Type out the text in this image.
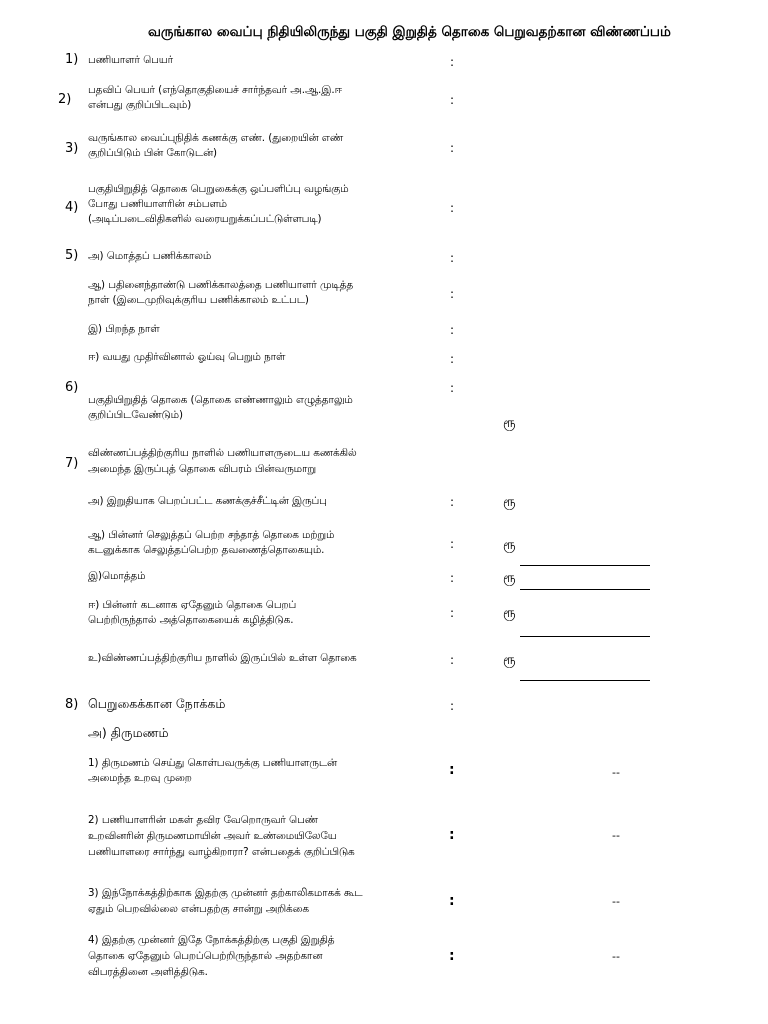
வருங்கால வைப்பு நிதியிலிருந்து பகுதி இறுதித் தொகை பெறுவதற்கான விண்ணப்பம்
1) பணியாளர் பெயர்	:
2)
பதவிப் பெயர் (எந்தொகுதியைச் சார்ந்தவர் அ.ஆ.இ.ஈ
என்பது குறிப்பிடவும்)	:
3)
வருங்கால வைப்புநிதிக் கணக்கு எண். (துறையின் எண்
குறிப்பிடும் பின் கோடுடன்)	:
4)
பகுதியிறுதித் தொகை பெறுகைக்கு ஒப்பளிப்பு வழங்கும்
போது பணியாளரின் சம்பளம்
(அடிப்படைவிதிகளில் வரையறுக்கப்பட்டுள்ளபடி)
:
5) அ) மொத்தப் பணிக்காலம்	:
ஆ) பதினைந்தாண்டு பணிக்காலத்தை பணியாளர் முடித்த
நாள் (இடைமுறிவுக்குரிய பணிக்காலம் உட்பட)	:
இ) பிறந்த நாள்	:
ஈ) வயது முதிர்வினால் ஓய்வு பெறும் நாள்	:
6)	:
பகுதியிறுதித் தொகை (தொகை எண்ணாலும் எழுத்தாலும்
குறிப்பிடவேண்டும்)	ரூ
7)
விண்ணப்பத்திற்குரிய நாளில் பணியாளருடைய கணக்கில்
அமைந்த இருப்புத் தொகை விபரம் பின்வருமாறு
அ) இறுதியாக பெறப்பட்ட கணக்குச்சீட்டின் இருப்பு	:	ரூ
ஆ) பின்னர் செலுத்தப் பெற்ற சந்தாத் தொகை மற்றும்
கடனுக்காக செலுத்தப்பெற்ற தவணைத்தொகையும்.	:	ரூ
இ)மொத்தம்	:	ரூ
ஈ) பின்னர் கடனாக ஏதேனும் தொகை பெறப்
பெற்றிருந்தால் அத்தொகையைக் கழித்திடுக.	:	ரூ
உ)விண்ணப்பத்திற்குரிய நாளில் இருப்பில் உள்ள தொகை	:	ரூ
8) பெறுகைக்கான நோக்கம்	:
அ) திருமணம்
1) திருமணம் செய்து கொள்பவருக்கு பணியாளருடன்
அமைந்த உறவு முறை	:	--
2) பணியாளரின் மகள் தவிர வேறொருவர் பெண்
உறவினரின் திருமணமாயின் அவர் உண்மையிலேயே
பணியாளரை சார்ந்து வாழ்கிறாரா? என்பதைக் குறிப்பிடுக
:	--
3) இந்நோக்கத்திற்காக இதற்கு முன்னர் தற்காலிகமாகக் கூட
ஏதும் பெறவில்லை என்பதற்கு சான்று அறிக்கை	:	--
4) இதற்கு முன்னர் இதே நோக்கத்திற்கு பகுதி இறுதித்
தொகை ஏதேனும் பெறப்பெற்றிருந்தால் அதற்கான
விபரத்தினை அளித்திடுக.
:	--
